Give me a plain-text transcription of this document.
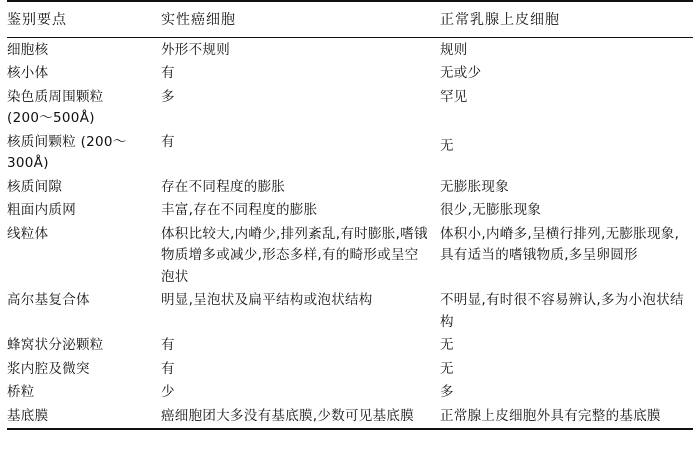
鉴别要点	实性癌细胞	正常乳腺上皮细胞
细胞核	外形不规则	规则
核小体	有	无或少
染色质周围颗粒 (200～500Å)	多	罕见
核质间颗粒 (200～300Å)	有	无
核质间隙	存在不同程度的膨胀	无膨胀现象
粗面内质网	丰富,存在不同程度的膨胀	很少,无膨胀现象
线粒体	体积比较大,内嵴少,排列紊乱,有时膨胀,嗜锇物质增多或减少,形态多样,有的畸形或呈空泡状	体积小,内嵴多,呈横行排列,无膨胀现象,具有适当的嗜锇物质,多呈卵圆形
高尔基复合体	明显,呈泡状及扁平结构或泡状结构	不明显,有时很不容易辨认,多为小泡状结构
蜂窝状分泌颗粒	有	无
浆内腔及微突	有	无
桥粒	少	多
基底膜	癌细胞团大多没有基底膜,少数可见基底膜	正常腺上皮细胞外具有完整的基底膜
